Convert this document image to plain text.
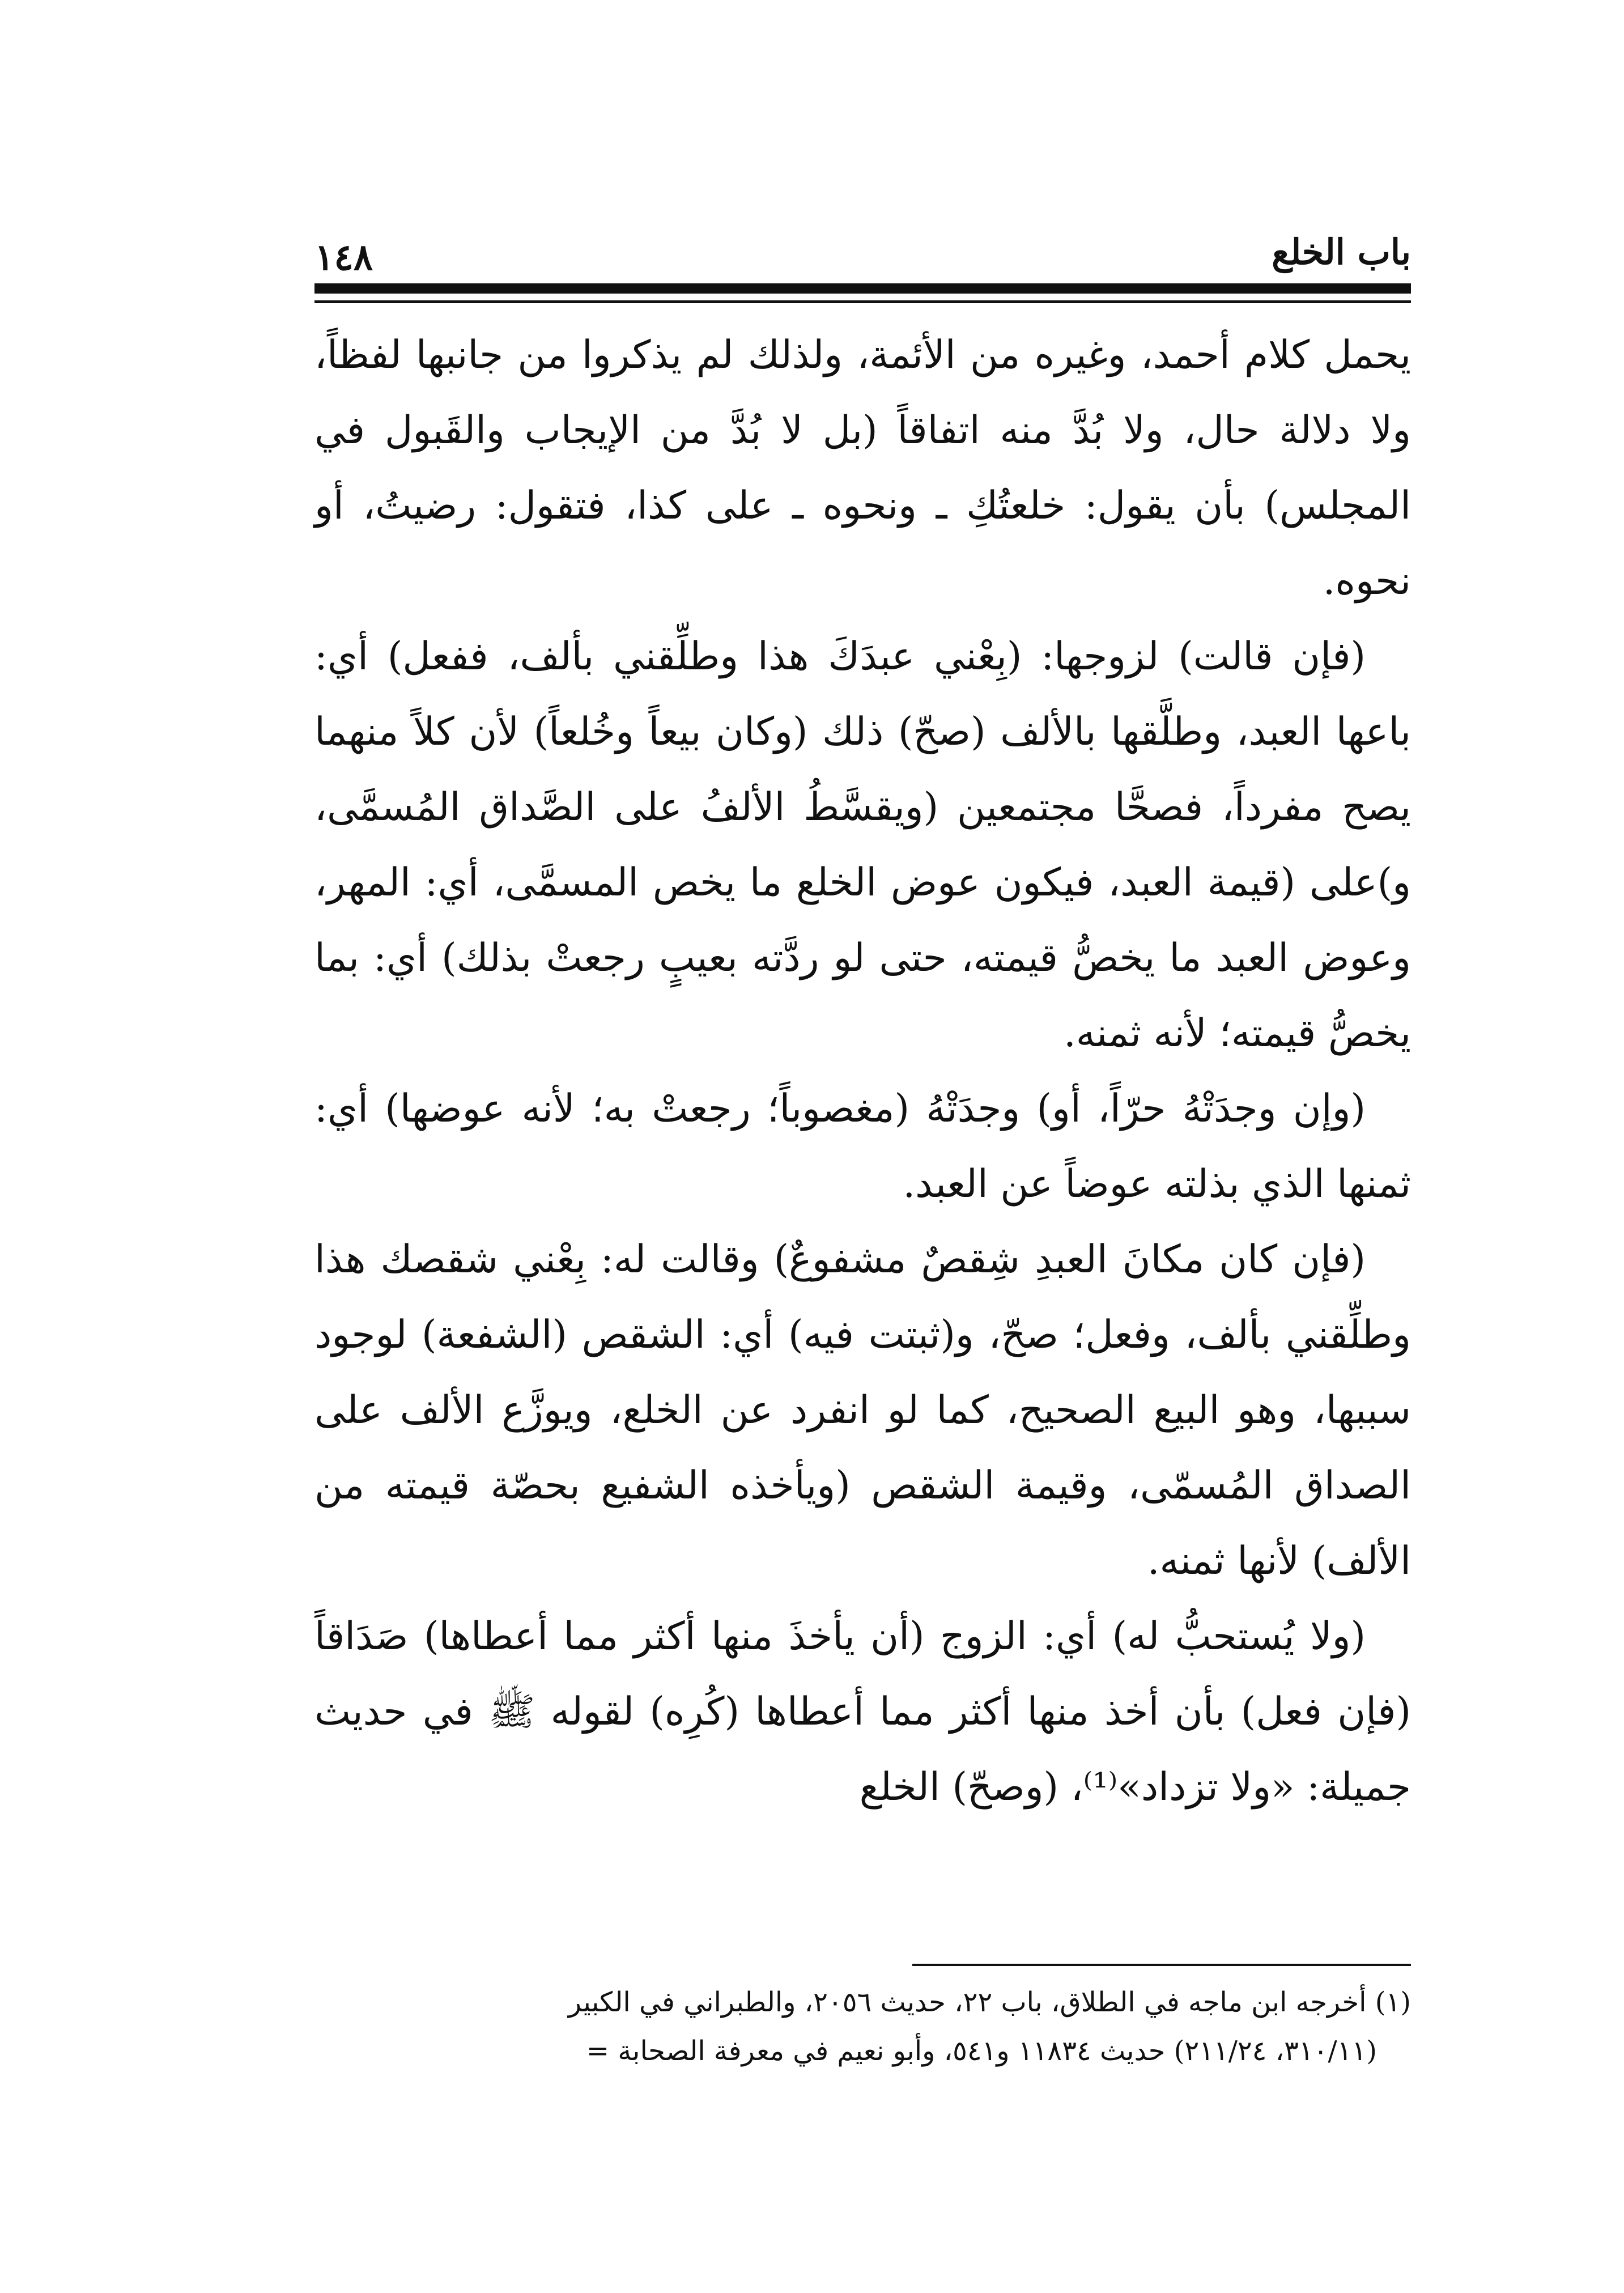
باب الخلع
١٤٨

يحمل كلام أحمد، وغيره من الأئمة، ولذلك لم يذكروا من جانبها لفظاً، ولا دلالة حال، ولا بُدَّ منه اتفاقاً (بل لا بُدَّ من الإيجاب والقَبول في المجلس) بأن يقول: خلعتُكِ ـ ونحوه ـ على كذا، فتقول: رضيتُ، أو نحوه.

(فإن قالت) لزوجها: (بِعْني عبدَكَ هذا وطلِّقني بألف، ففعل) أي: باعها العبد، وطلَّقها بالألف (صحّ) ذلك (وكان بيعاً وخُلعاً) لأن كلاً منهما يصح مفرداً، فصحَّا مجتمعين (ويقسَّطُ الألفُ على الصَّداق المُسمَّى، و)على (قيمة العبد، فيكون عوض الخلع ما يخص المسمَّى، أي: المهر، وعوض العبد ما يخصُّ قيمته، حتى لو ردَّته بعيبٍ رجعتْ بذلك) أي: بما يخصُّ قيمته؛ لأنه ثمنه.

(وإن وجدَتْهُ حرّاً، أو) وجدَتْهُ (مغصوباً؛ رجعتْ به؛ لأنه عوضها) أي: ثمنها الذي بذلته عوضاً عن العبد.

(فإن كان مكانَ العبدِ شِقصٌ مشفوعٌ) وقالت له: بِعْني شقصك هذا وطلِّقني بألف، وفعل؛ صحّ، و(ثبتت فيه) أي: الشقص (الشفعة) لوجود سببها، وهو البيع الصحيح، كما لو انفرد عن الخلع، ويوزَّع الألف على الصداق المُسمّى، وقيمة الشقص (ويأخذه الشفيع بحصّة قيمته من الألف) لأنها ثمنه.

(ولا يُستحبُّ له) أي: الزوج (أن يأخذَ منها أكثر مما أعطاها) صَدَاقاً (فإن فعل) بأن أخذ منها أكثر مما أعطاها (كُرِه) لقوله ﷺ في حديث جميلة: «ولا تزداد»⁽¹⁾، (وصحّ) الخلع

(١) أخرجه ابن ماجه في الطلاق، باب ٢٢، حديث ٢٠٥٦، والطبراني في الكبير

(٣١٠/١١، ٢١١/٢٤) حديث ١١٨٣٤ و٥٤١، وأبو نعيم في معرفة الصحابة =
